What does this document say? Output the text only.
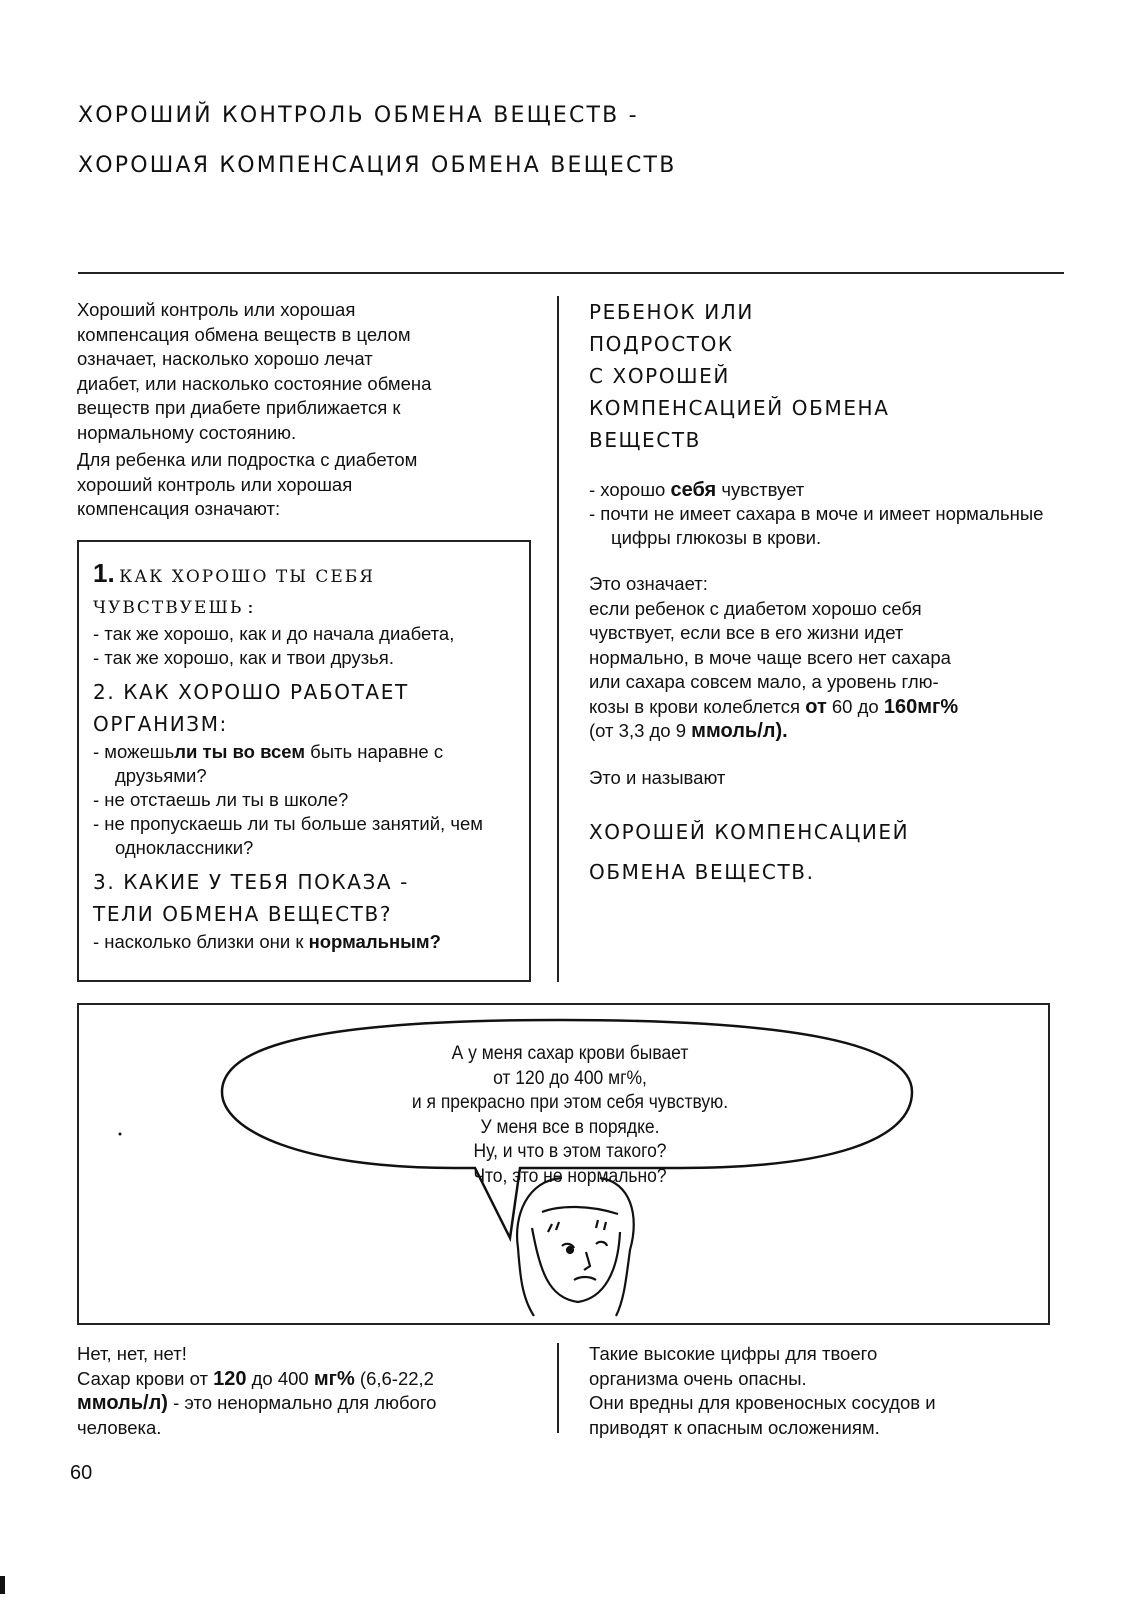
ХОРОШИЙ КОНТРОЛЬ ОБМЕНА ВЕЩЕСТВ -
ХОРОШАЯ КОМПЕНСАЦИЯ ОБМЕНА ВЕЩЕСТВ

Хороший контроль или хорошая
компенсация обмена веществ в целом
означает, насколько хорошо лечат
диабет, или насколько состояние обмена
веществ при диабете приближается к
нормальному состоянию.

Для ребенка или подростка с диабетом
хороший контроль или хорошая
компенсация означают:

1. КАК ХОРОШО ТЫ СЕБЯ
ЧУВСТВУЕШЬ :

- так же хорошо, как и до начала диабета,

- так же хорошо, как и твои друзья.

2. КАК ХОРОШО РАБОТАЕТ

ОРГАНИЗМ:

- можешьли ты во всем быть наравне с друзьями?

- не отстаешь ли ты в школе?

- не пропускаешь ли ты больше занятий, чем одноклассники?

3. КАКИЕ У ТЕБЯ ПОКАЗА -

ТЕЛИ ОБМЕНА ВЕЩЕСТВ?

- насколько близки они к нормальным?

РЕБЕНОК ИЛИ

ПОДРОСТОК

С ХОРОШЕЙ

КОМПЕНСАЦИЕЙ ОБМЕНА

ВЕЩЕСТВ

- хорошо себя чувствует

- почти не имеет сахара в моче и имеет нормальные цифры глюкозы в крови.

Это означает:

если ребенок с диабетом хорошо себя
чувствует, если все в его жизни идет
нормально, в моче чаще всего нет сахара
или сахара совсем мало, а уровень глю-
козы в крови колеблется от 60 до 160мг%
(от 3,3 до 9 ммоль/л).

Это и называют

ХОРОШЕЙ КОМПЕНСАЦИЕЙ

ОБМЕНА ВЕЩЕСТВ.

А у меня сахар крови бывает
от 120 до 400 мг%,
и я прекрасно при этом себя чувствую.
У меня все в порядке.
Ну, и что в этом такого?
Что, это не нормально?

Нет, нет, нет!

Сахар крови от 120 до 400 мг% (6,6-22,2

ммоль/л) - это ненормально для любого

человека.

Такие высокие цифры для твоего
организма очень опасны.
Они вредны для кровеносных сосудов и
приводят к опасным осложениям.

60
